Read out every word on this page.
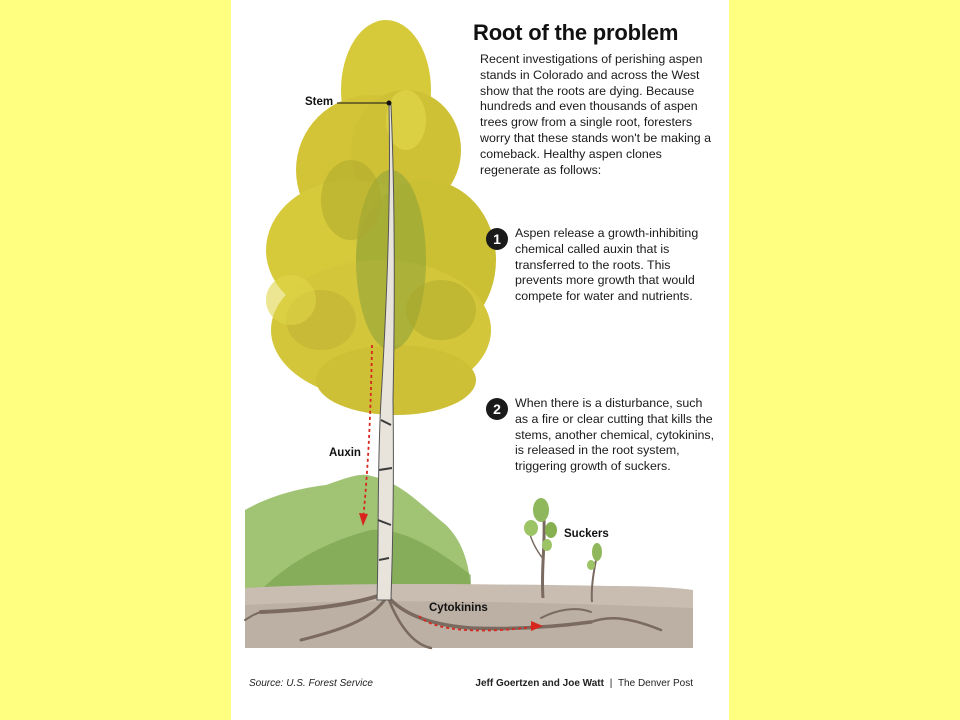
Root of the problem

Recent investigations of perishing aspen stands in Colorado and across the West show that the roots are dying. Because hundreds and even thousands of aspen trees grow from a single root, foresters worry that these stands won't be making a comeback. Healthy aspen clones regenerate as follows:

1	Aspen release a growth-inhibiting chemical called auxin that is transferred to the roots. This prevents more growth that would compete for water and nutrients.

2	When there is a disturbance, such as a fire or clear cutting that kills the stems, another chemical, cytokinins, is released in the root system, triggering growth of suckers.

Stem
Auxin
Suckers
Cytokinins
Source: U.S. Forest Service	Jeff Goertzen and Joe Watt | The Denver Post
